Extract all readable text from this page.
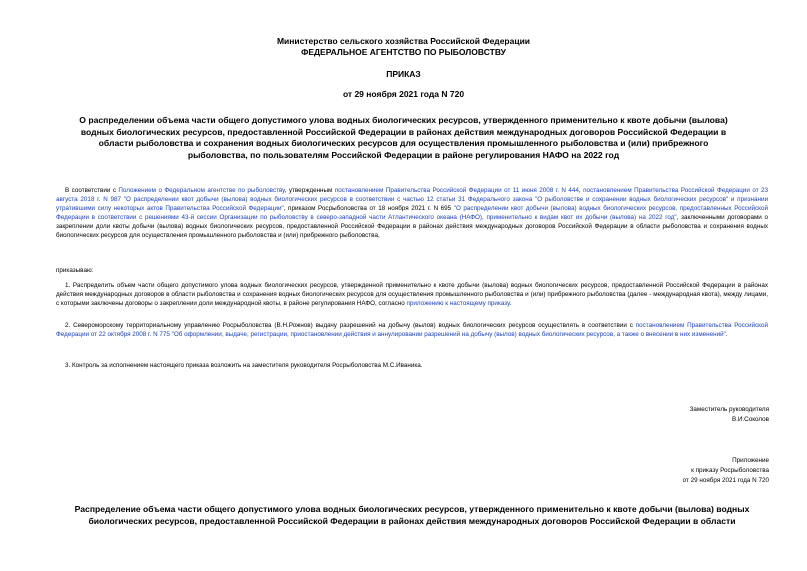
Министерство сельского хозяйства Российской Федерации
ФЕДЕРАЛЬНОЕ АГЕНТСТВО ПО РЫБОЛОВСТВУ
ПРИКАЗ
от 29 ноября 2021 года N 720
О распределении объема части общего допустимого улова водных биологических ресурсов, утвержденного применительно к квоте добычи (вылова) водных биологических ресурсов, предоставленной Российской Федерации в районах действия международных договоров Российской Федерации в области рыболовства и сохранения водных биологических ресурсов для осуществления промышленного рыболовства и (или) прибрежного рыболовства, по пользователям Российской Федерации в районе регулирования НАФО на 2022 год
В соответствии с Положением о Федеральном агентстве по рыболовству, утвержденным постановлением Правительства Российской Федерации от 11 июня 2008 г. N 444, постановлением Правительства Российской Федерации от 23 августа 2018 г. N 987 "О распределении квот добычи (вылова) водных биологических ресурсов в соответствии с частью 12 статьи 31 Федерального закона "О рыболовстве и сохранении водных биологических ресурсов" и признании утратившими силу некоторых актов Правительства Российской Федерации", приказом Росрыболовства от 18 ноября 2021 г. N 695 "О распределении квот добычи (вылова) водных биологических ресурсов, предоставленных Российской Федерации в соответствии с решениями 43-й сессии Организации по рыболовству в северо-западной части Атлантического океана (НАФО), применительно к видам квот их добычи (вылова) на 2022 год", заключенными договорами о закреплении доли квоты добычи (вылова) водных биологических ресурсов, предоставленной Российской Федерации в районах действия международных договоров Российской Федерации в области рыболовства и сохранения водных биологических ресурсов для осуществления промышленного рыболовства и (или) прибрежного рыболовства,
приказываю:
1. Распределить объем части общего допустимого улова водных биологических ресурсов, утвержденной применительно к квоте добычи (вылова) водных биологических ресурсов, предоставленной Российской Федерации в районах действия международных договоров в области рыболовства и сохранения водных биологических ресурсов для осуществления промышленного рыболовства и (или) прибрежного рыболовства (далее - международная квота), между лицами, с которыми заключены договоры о закреплении доли международной квоты, в районе регулирования НАФО, согласно приложению к настоящему приказу.
2. Североморскому территориальному управлению Росрыболовства (В.Н.Рожнов) выдачу разрешений на добычу (вылов) водных биологических ресурсов осуществлять в соответствии с постановлением Правительства Российской Федерации от 22 октября 2008 г. N 775 "Об оформлении, выдаче, регистрации, приостановлении действия и аннулировании разрешений на добычу (вылов) водных биологических ресурсов, а также о внесении в них изменений".
3. Контроль за исполнением настоящего приказа возложить на заместителя руководителя Росрыболовства М.С.Иваника.
Заместитель руководителя
В.И.Соколов
Приложение
к приказу Росрыболовства
от 29 ноября 2021 года N 720
Распределение объема части общего допустимого улова водных биологических ресурсов, утвержденного применительно к квоте добычи (вылова) водных биологических ресурсов, предоставленной Российской Федерации в районах действия международных договоров Российской Федерации в области
